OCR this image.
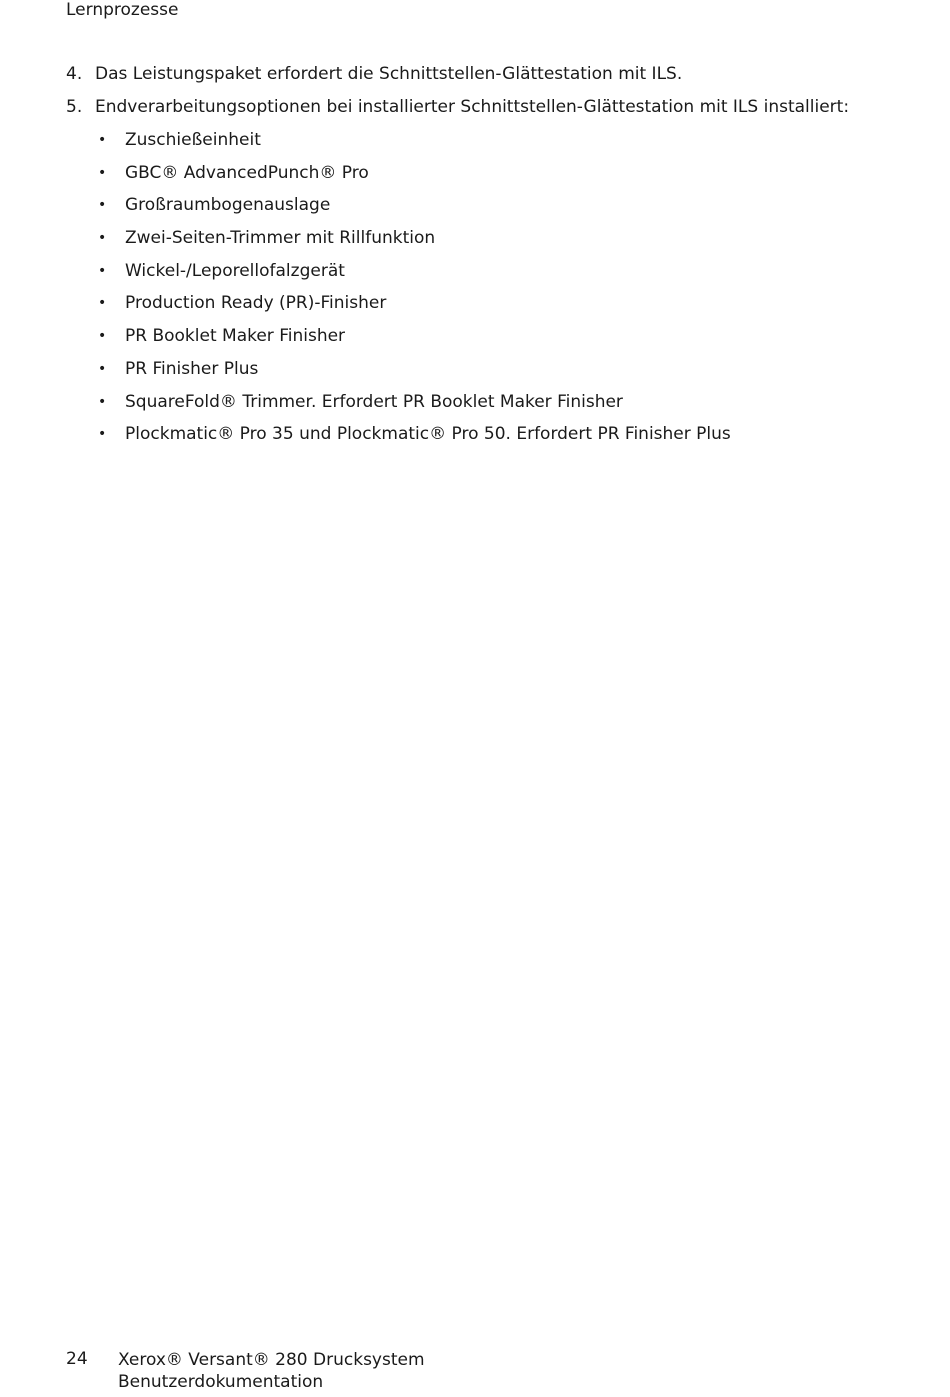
Lernprozesse
4. Das Leistungspaket erfordert die Schnittstellen-Glättestation mit ILS.
5. Endverarbeitungsoptionen bei installierter Schnittstellen-Glättestation mit ILS installiert:
• Zuschießeinheit
• GBC® AdvancedPunch® Pro
• Großraumbogenauslage
• Zwei-Seiten-Trimmer mit Rillfunktion
• Wickel-/Leporellofalzgerät
• Production Ready (PR)-Finisher
• PR Booklet Maker Finisher
• PR Finisher Plus
• SquareFold® Trimmer. Erfordert PR Booklet Maker Finisher
• Plockmatic® Pro 35 und Plockmatic® Pro 50. Erfordert PR Finisher Plus
24 Xerox® Versant® 280 Drucksystem
Benutzerdokumentation
